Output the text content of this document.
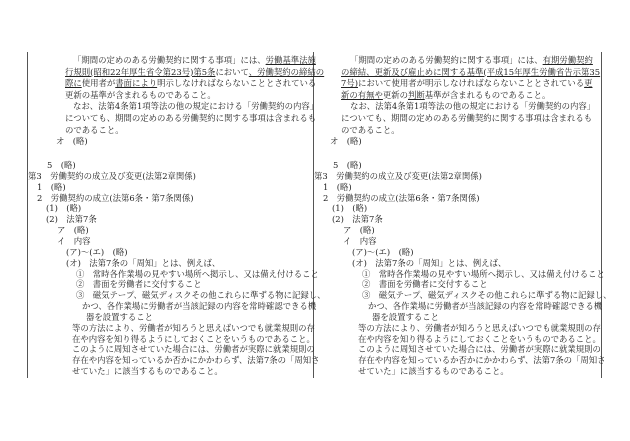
「期間の定めのある労働契約に関する事項」には、労働基準法施
行規則(昭和22年厚生省令第23号)第5条において、労働契約の締結の
際に使用者が書面により明示しなければならないこととされている
更新の基準が含まれるものであること。
なお、法第4条第1項等法の他の規定における「労働契約の内容」
についても、期間の定めのある労働契約に関する事項は含まれるも
のであること。
オ　(略)
5　(略)
第3　労働契約の成立及び変更(法第2章関係)
1　(略)
2　労働契約の成立(法第6条・第7条関係)
(1)　(略)
(2)　法第7条
ア　(略)
イ　内容
(ア)～(エ)　(略)
(オ)　法第7条の「周知」とは、例えば、
①　常時各作業場の見やすい場所へ掲示し、又は備え付けること
②　書面を労働者に交付すること
③　磁気テープ、磁気ディスクその他これらに準ずる物に記録し、
かつ、各作業場に労働者が当該記録の内容を常時確認できる機
器を設置すること
等の方法により、労働者が知ろうと思えばいつでも就業規則の存
在や内容を知り得るようにしておくことをいうものであること。
このように周知させていた場合には、労働者が実際に就業規則の
存在や内容を知っているか否かにかかわらず、法第7条の「周知さ
せていた」に該当するものであること。
「期間の定めのある労働契約に関する事項」には、有期労働契約
の締結、更新及び雇止めに関する基準(平成15年厚生労働省告示第35
7号)において使用者が明示しなければならないこととされている更
新の有無や更新の判断基準が含まれるものであること。
なお、法第4条第1項等法の他の規定における「労働契約の内容」
についても、期間の定めのある労働契約に関する事項は含まれるも
のであること。
オ　(略)
5　(略)
第3　労働契約の成立及び変更(法第2章関係)
1　(略)
2　労働契約の成立(法第6条・第7条関係)
(1)　(略)
(2)　法第7条
ア　(略)
イ　内容
(ア)～(エ)　(略)
(オ)　法第7条の「周知」とは、例えば、
①　常時各作業場の見やすい場所へ掲示し、又は備え付けること
②　書面を労働者に交付すること
③　磁気テープ、磁気ディスクその他これらに準ずる物に記録し、
かつ、各作業場に労働者が当該記録の内容を常時確認できる機
器を設置すること
等の方法により、労働者が知ろうと思えばいつでも就業規則の存
在や内容を知り得るようにしておくことをいうものであること。
このように周知させていた場合には、労働者が実際に就業規則の
存在や内容を知っているか否かにかかわらず、法第7条の「周知さ
せていた」に該当するものであること。
